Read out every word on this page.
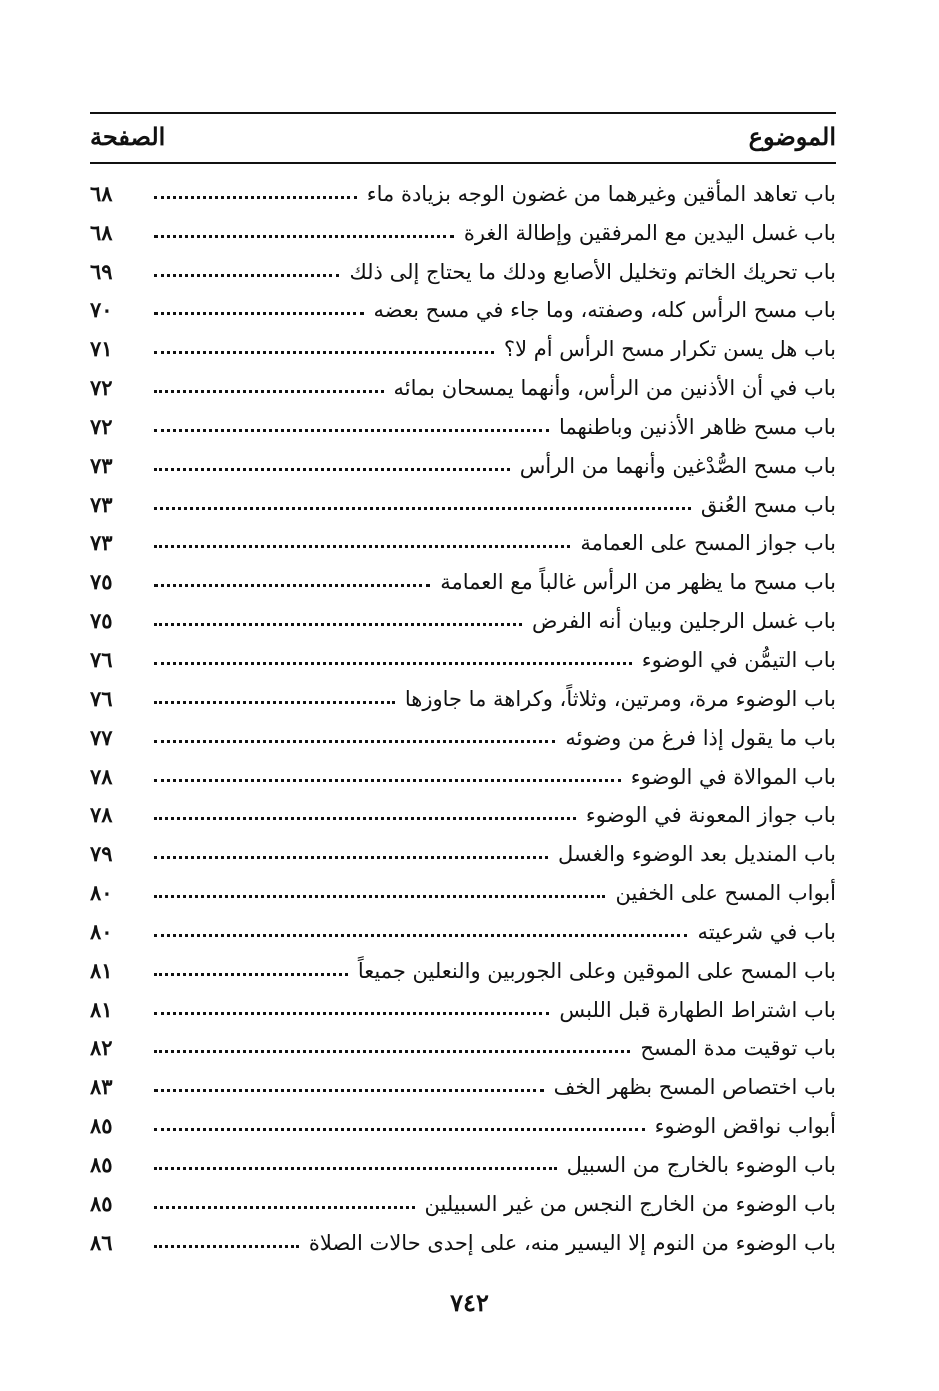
الموضوع
الصفحة
باب تعاهد المأقين وغيرهما من غضون الوجه بزيادة ماء
٦٨
باب غسل اليدين مع المرفقين وإطالة الغرة
٦٨
باب تحريك الخاتم وتخليل الأصابع ودلك ما يحتاج إلى ذلك
٦٩
باب مسح الرأس كله، وصفته، وما جاء في مسح بعضه
٧٠
باب هل يسن تكرار مسح الرأس أم لا؟
٧١
باب في أن الأذنين من الرأس، وأنهما يمسحان بمائه
٧٢
باب مسح ظاهر الأذنين وباطنهما
٧٢
باب مسح الصُّدْغين وأنهما من الرأس
٧٣
باب مسح العُنق
٧٣
باب جواز المسح على العمامة
٧٣
باب مسح ما يظهر من الرأس غالباً مع العمامة
٧٥
باب غسل الرجلين وبيان أنه الفرض
٧٥
باب التيمُّن في الوضوء
٧٦
باب الوضوء مرة، ومرتين، وثلاثاً، وكراهة ما جاوزها
٧٦
باب ما يقول إذا فرغ من وضوئه
٧٧
باب الموالاة في الوضوء
٧٨
باب جواز المعونة في الوضوء
٧٨
باب المنديل بعد الوضوء والغسل
٧٩
أبواب المسح على الخفين
٨٠
باب في شرعيته
٨٠
باب المسح على الموقين وعلى الجوربين والنعلين جميعاً
٨١
باب اشتراط الطهارة قبل اللبس
٨١
باب توقيت مدة المسح
٨٢
باب اختصاص المسح بظهر الخف
٨٣
أبواب نواقض الوضوء
٨٥
باب الوضوء بالخارج من السبيل
٨٥
باب الوضوء من الخارج النجس من غير السبيلين
٨٥
باب الوضوء من النوم إلا اليسير منه، على إحدى حالات الصلاة
٨٦
٧٤٢
